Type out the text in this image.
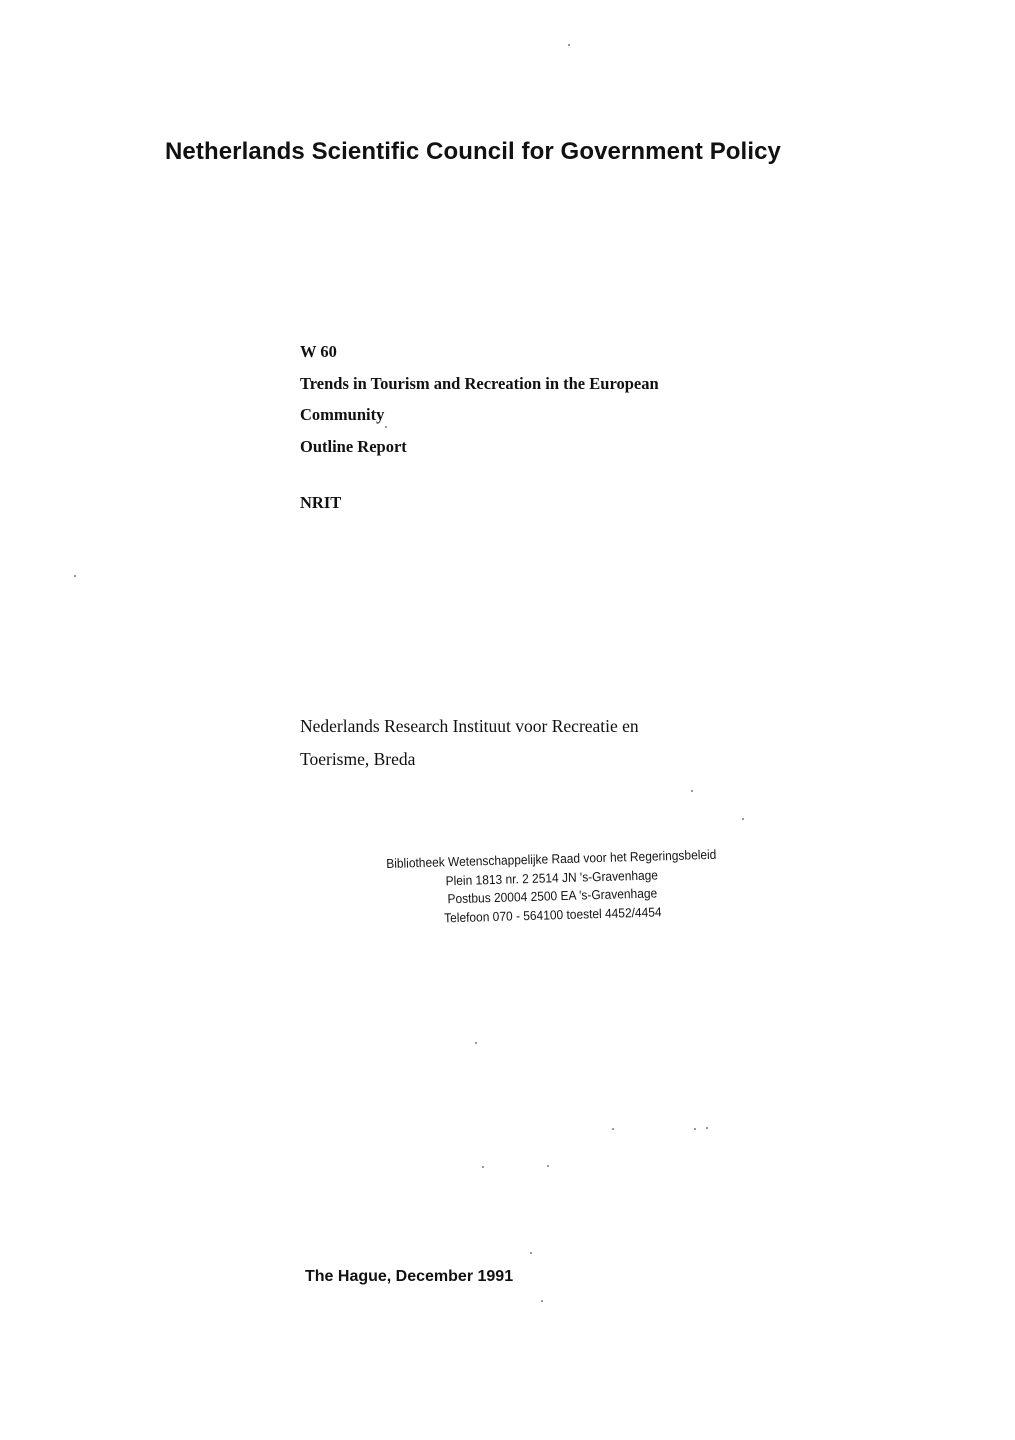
Netherlands Scientific Council for Government Policy
W 60
Trends in Tourism and Recreation in the European
Community
Outline Report
NRIT
Nederlands Research Instituut voor Recreatie en
Toerisme, Breda
Bibliotheek Wetenschappelijke Raad voor het Regeringsbeleid
Plein 1813 nr. 2 2514 JN 's-Gravenhage
Postbus 20004 2500 EA 's-Gravenhage
Telefoon 070 - 564100 toestel 4452/4454
The Hague, December 1991
